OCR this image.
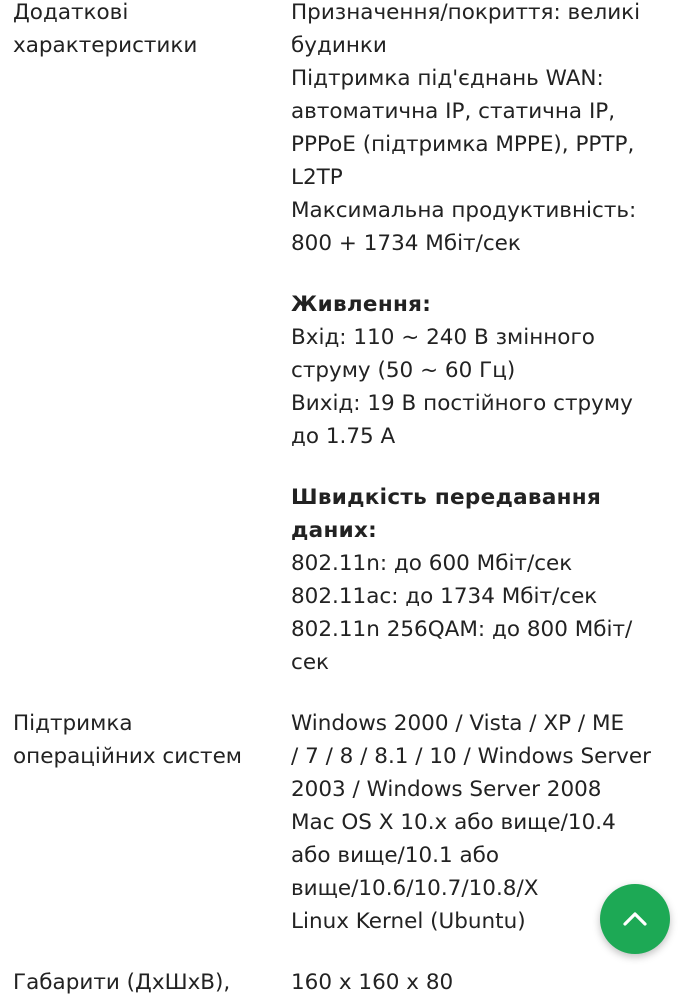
Додаткові
характеристики
Призначення/покриття: великі
будинки
Підтримка під'єднань WAN:
автоматична IP, статична IP,
PPPoE (підтримка MPPE), PPTP,
L2TP
Максимальна продуктивність:
800 + 1734 Мбіт/сек
Живлення:
Вхід: 110 ~ 240 В змінного
струму (50 ~ 60 Гц)
Вихід: 19 В постійного струму
до 1.75 А
Швидкість передавання
даних:
802.11n: до 600 Мбіт/сек
802.11ac: до 1734 Мбіт/сек
802.11n 256QAM: до 800 Мбіт/
сек
Підтримка
операційних систем
Windows 2000 / Vista / XP / ME
/ 7 / 8 / 8.1 / 10 / Windows Server
2003 / Windows Server 2008
Mac OS X 10.x або вище/10.4
або вище/10.1 або
вище/10.6/10.7/10.8/X
Linux Kernel (Ubuntu)
Габарити (ДхШхВ),	160 x 160 x 80
